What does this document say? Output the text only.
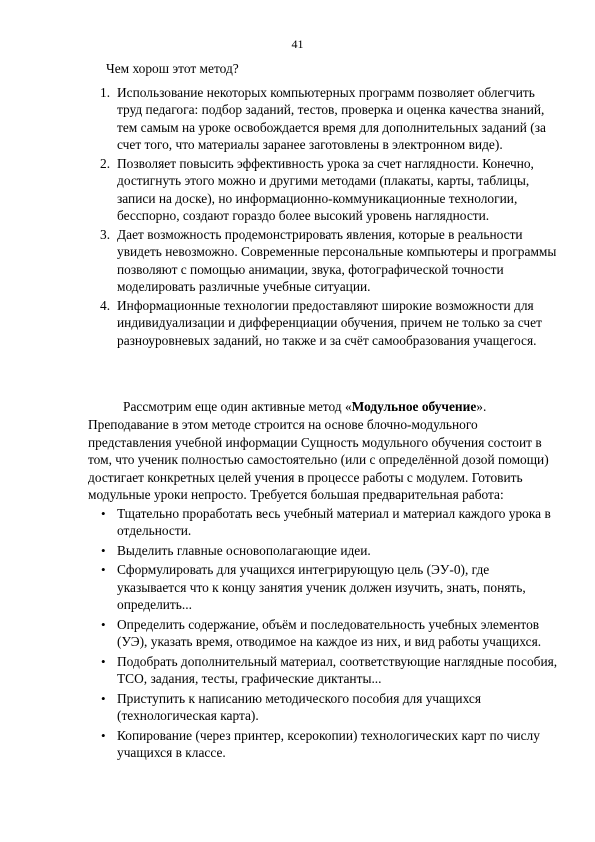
41

Чем хорош этот метод?

1. Использование некоторых компьютерных программ позволяет облегчить труд педагога: подбор заданий, тестов, проверка и оценка качества знаний, тем самым на уроке освобождается время для дополнительных заданий (за счет того, что материалы заранее заготовлены в электронном виде).
2. Позволяет повысить эффективность урока за счет наглядности. Конечно, достигнуть этого можно и другими методами (плакаты, карты, таблицы, записи на доске), но информационно-коммуникационные технологии, бесспорно, создают гораздо более высокий уровень наглядности.
3. Дает возможность продемонстрировать явления, которые в реальности увидеть невозможно. Современные персональные компьютеры и программы позволяют с помощью анимации, звука, фотографической точности моделировать различные учебные ситуации.
4. Информационные технологии предоставляют широкие возможности для индивидуализации и дифференциации обучения, причем не только за счет разноуровневых заданий, но также и за счёт самообразования учащегося.

Рассмотрим еще один активные метод «Модульное обучение».

Преподавание в этом методе строится на основе блочно-модульного представления учебной информации Сущность модульного обучения состоит в том, что ученик полностью самостоятельно (или с определённой дозой помощи) достигает конкретных целей учения в процессе работы с модулем. Готовить модульные уроки непросто. Требуется большая предварительная работа:

• Тщательно проработать весь учебный материал и материал каждого урока в отдельности.
• Выделить главные основополагающие идеи.
• Сформулировать для учащихся интегрирующую цель (ЭУ-0), где указывается что к концу занятия ученик должен изучить, знать, понять, определить...
• Определить содержание, объём и последовательность учебных элементов (УЭ), указать время, отводимое на каждое из них, и вид работы учащихся.
• Подобрать дополнительный материал, соответствующие наглядные пособия, ТСО, задания, тесты, графические диктанты...
• Приступить к написанию методического пособия для учащихся (технологическая карта).
• Копирование (через принтер, ксерокопии) технологических карт по числу учащихся в классе.
